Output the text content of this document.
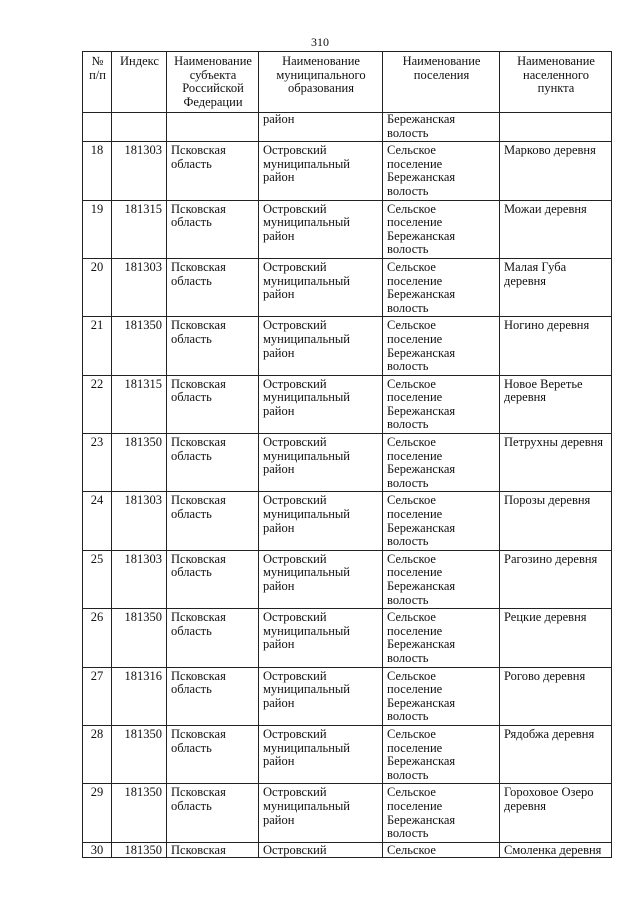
310
№
п/п	Индекс	Наименование
субъекта
Российской
Федерации	Наименование
муниципального
образования	Наименование
поселения	Наименование
населенного
пункта
			район	Бережанская
волость	
18	181303	Псковская
область	Островский
муниципальный
район	Сельское
поселение
Бережанская
волость	Марково деревня
19	181315	Псковская
область	Островский
муниципальный
район	Сельское
поселение
Бережанская
волость	Можаи деревня
20	181303	Псковская
область	Островский
муниципальный
район	Сельское
поселение
Бережанская
волость	Малая Губа
деревня
21	181350	Псковская
область	Островский
муниципальный
район	Сельское
поселение
Бережанская
волость	Ногино деревня
22	181315	Псковская
область	Островский
муниципальный
район	Сельское
поселение
Бережанская
волость	Новое Веретье
деревня
23	181350	Псковская
область	Островский
муниципальный
район	Сельское
поселение
Бережанская
волость	Петрухны деревня
24	181303	Псковская
область	Островский
муниципальный
район	Сельское
поселение
Бережанская
волость	Порозы деревня
25	181303	Псковская
область	Островский
муниципальный
район	Сельское
поселение
Бережанская
волость	Рагозино деревня
26	181350	Псковская
область	Островский
муниципальный
район	Сельское
поселение
Бережанская
волость	Рецкие деревня
27	181316	Псковская
область	Островский
муниципальный
район	Сельское
поселение
Бережанская
волость	Рогово деревня
28	181350	Псковская
область	Островский
муниципальный
район	Сельское
поселение
Бережанская
волость	Рядобжа деревня
29	181350	Псковская
область	Островский
муниципальный
район	Сельское
поселение
Бережанская
волость	Гороховое Озеро
деревня
30	181350	Псковская	Островский	Сельское	Смоленка деревня
